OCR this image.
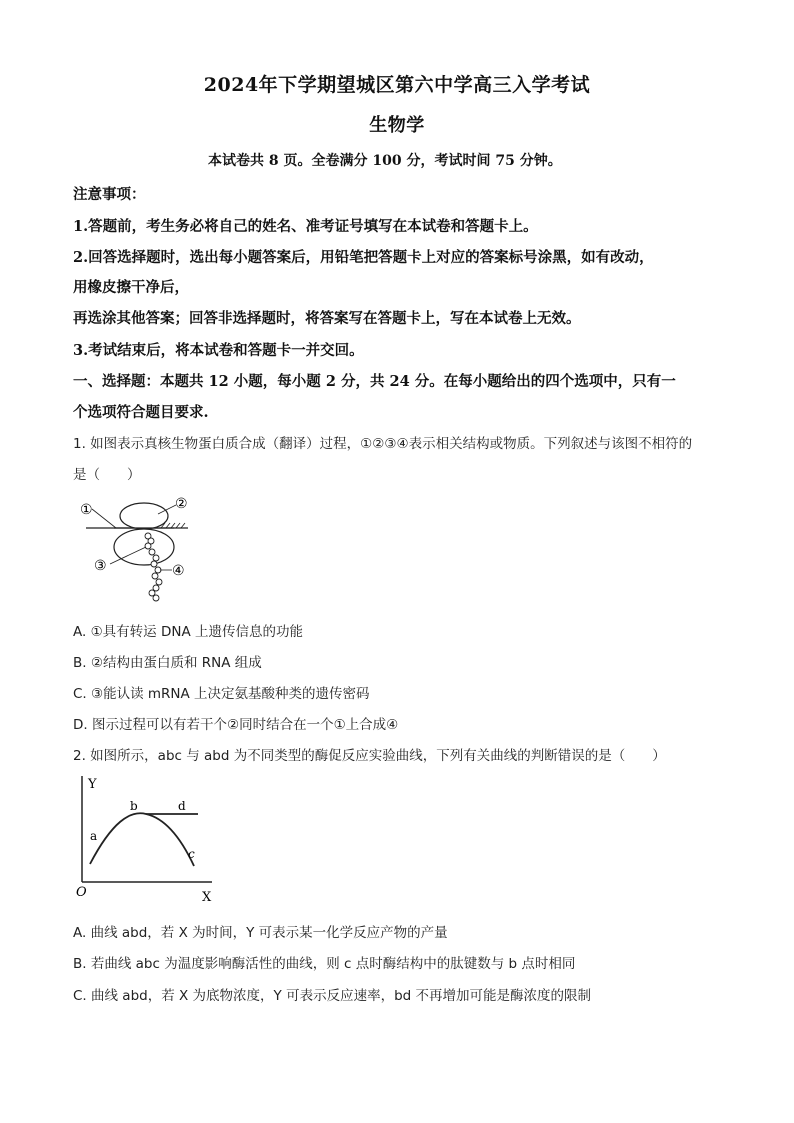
2024年下学期望城区第六中学高三入学考试
生物学
本试卷共 8 页。全卷满分 100 分，考试时间 75 分钟。
注意事项：
1.答题前，考生务必将自己的姓名、准考证号填写在本试卷和答题卡上。
2.回答选择题时，选出每小题答案后，用铅笔把答题卡上对应的答案标号涂黑，如有改动，
用橡皮擦干净后，
再选涂其他答案；回答非选择题时，将答案写在答题卡上，写在本试卷上无效。
3.考试结束后，将本试卷和答题卡一并交回。
一、选择题：本题共 12 小题，每小题 2 分，共 24 分。在每小题给出的四个选项中，只有一
个选项符合题目要求.
1. 如图表示真核生物蛋白质合成（翻译）过程，①②③④表示相关结构或物质。下列叙述与该图不相符的
是（　　）
①	②
③	④
A. ①具有转运 DNA 上遗传信息的功能
B. ②结构由蛋白质和 RNA 组成
C. ③能认读 mRNA 上决定氨基酸种类的遗传密码
D. 图示过程可以有若干个②同时结合在一个①上合成④
2. 如图所示，abc 与 abd 为不同类型的酶促反应实验曲线，下列有关曲线的判断错误的是（　　）
Y
X
O
a
b
c
d
A. 曲线 abd，若 X 为时间，Y 可表示某一化学反应产物的产量
B. 若曲线 abc 为温度影响酶活性的曲线，则 c 点时酶结构中的肽键数与 b 点时相同
C. 曲线 abd，若 X 为底物浓度，Y 可表示反应速率，bd 不再增加可能是酶浓度的限制
